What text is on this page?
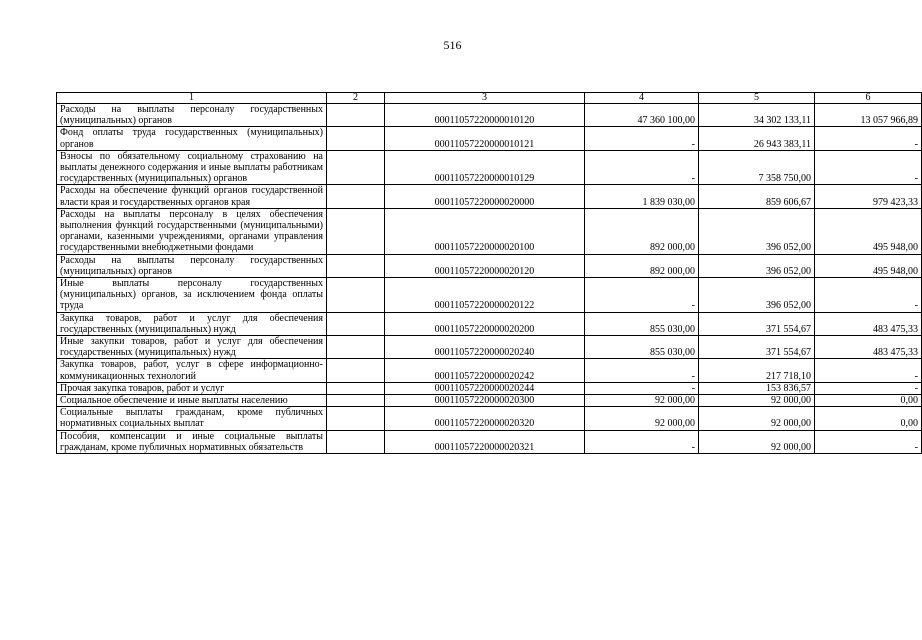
516
1	2	3	4	5	6
Расходы на выплаты персоналу государственных (муниципальных) органов		00011057220000010120	47 360 100,00	34 302 133,11	13 057 966,89
Фонд оплаты труда государственных (муниципальных) органов		00011057220000010121	-	26 943 383,11	-
Взносы по обязательному социальному страхованию на выплаты денежного содержания и иные выплаты работникам государственных (муниципальных) органов		00011057220000010129	-	7 358 750,00	-
Расходы на обеспечение функций органов государственной власти края и государственных органов края		00011057220000020000	1 839 030,00	859 606,67	979 423,33
Расходы на выплаты персоналу в целях обеспечения выполнения функций государственными (муниципальными) органами, казенными учреждениями, органами управления государственными внебюджетными фондами		00011057220000020100	892 000,00	396 052,00	495 948,00
Расходы на выплаты персоналу государственных (муниципальных) органов		00011057220000020120	892 000,00	396 052,00	495 948,00
Иные выплаты персоналу государственных (муниципальных) органов, за исключением фонда оплаты труда		00011057220000020122	-	396 052,00	-
Закупка товаров, работ и услуг для обеспечения государственных (муниципальных) нужд		00011057220000020200	855 030,00	371 554,67	483 475,33
Иные закупки товаров, работ и услуг для обеспечения государственных (муниципальных) нужд		00011057220000020240	855 030,00	371 554,67	483 475,33
Закупка товаров, работ, услуг в сфере информационно-коммуникационных технологий		00011057220000020242	-	217 718,10	-
Прочая закупка товаров, работ и услуг		00011057220000020244	-	153 836,57	-
Социальное обеспечение и иные выплаты населению		00011057220000020300	92 000,00	92 000,00	0,00
Социальные выплаты гражданам, кроме публичных нормативных социальных выплат		00011057220000020320	92 000,00	92 000,00	0,00
Пособия, компенсации и иные социальные выплаты гражданам, кроме публичных нормативных обязательств		00011057220000020321	-	92 000,00	-
